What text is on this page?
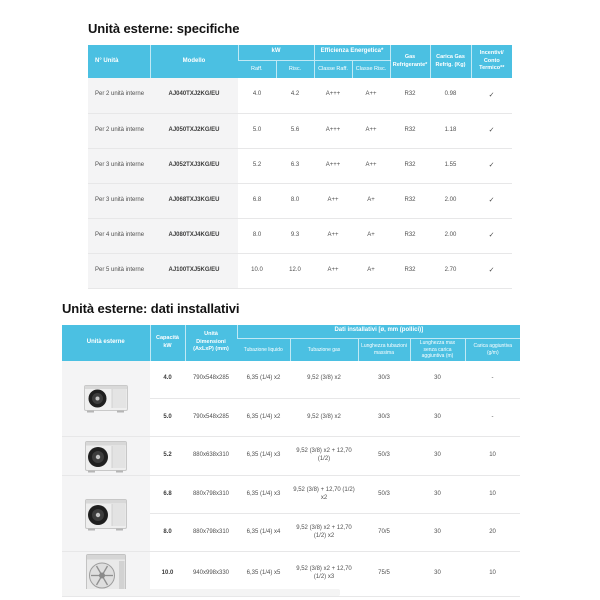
Unità esterne: specifiche
N° Unità	Modello	kW		Efficienza Energetica*		Gas
Refrigerante*	Carica Gas
Refrig. (Kg)	Incentivi/
Conto Termico**

		Raff.	Risc.	Classe Raff.	Classe Risc.			
Per 2 unità interne	AJ040TXJ2KG/EU	4.0	4.2	A+++	A++	R32	0.98	✓
Per 2 unità interne	AJ050TXJ2KG/EU	5.0	5.6	A+++	A++	R32	1.18	✓
Per 3 unità interne	AJ052TXJ3KG/EU	5.2	6.3	A+++	A++	R32	1.55	✓
Per 3 unità interne	AJ068TXJ3KG/EU	6.8	8.0	A++	A+	R32	2.00	✓
Per 4 unità interne	AJ080TXJ4KG/EU	8.0	9.3	A++	A+	R32	2.00	✓
Per 5 unità interne	AJ100TXJ5KG/EU	10.0	12.0	A++	A+	R32	2.70	✓
Unità esterne: dati installativi
Unità esterne	Capacità
kW	Unità
Dimensioni (AxLxP) (mm)	Dati installativi [ø, mm (pollici)]				
			Tubazione liquido	Tubazione gas	Lunghezza tubazioni massima	Lunghezza max senza carica aggiuntiva (m)	Carica aggiuntiva (g/m)

	4.0	790x548x285	6,35 (1/4) x2	9,52 (3/8) x2	30/3	30	-
	5.0	790x548x285	6,35 (1/4) x2	9,52 (3/8) x2	30/3	30	-

	5.2	880x638x310	6,35 (1/4) x3	9,52 (3/8) x2 + 12,70 (1/2)	50/3	30	10

	6.8	880x798x310	6,35 (1/4) x3	9,52 (3/8) + 12,70 (1/2) x2	50/3	30	10
	8.0	880x798x310	6,35 (1/4) x4	9,52 (3/8) x2 + 12,70 (1/2) x2	70/5	30	20

	10.0	940x998x330	6,35 (1/4) x5	9,52 (3/8) x2 + 12,70 (1/2) x3	75/5	30	10
